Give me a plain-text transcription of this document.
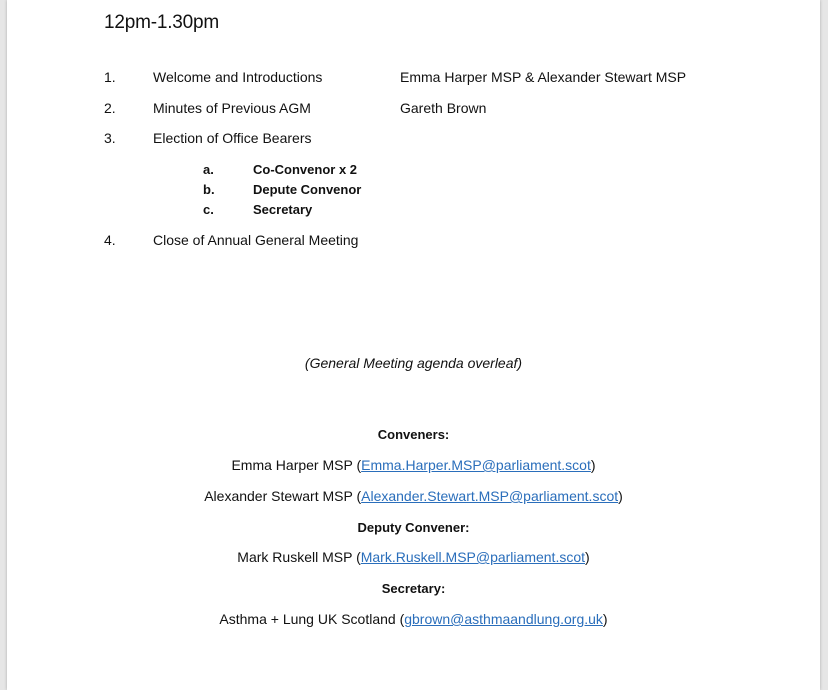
12pm-1.30pm
1.	Welcome and Introductions	Emma Harper MSP & Alexander Stewart MSP
2.	Minutes of Previous AGM	Gareth Brown
3.	Election of Office Bearers
a.	Co-Convenor x 2
b.	Depute Convenor
c.	Secretary
4.	Close of Annual General Meeting
(General Meeting agenda overleaf)
Conveners:
Emma Harper MSP (Emma.Harper.MSP@parliament.scot)
Alexander Stewart MSP (Alexander.Stewart.MSP@parliament.scot)
Deputy Convener:
Mark Ruskell MSP (Mark.Ruskell.MSP@parliament.scot)
Secretary:
Asthma + Lung UK Scotland (gbrown@asthmaandlung.org.uk)
